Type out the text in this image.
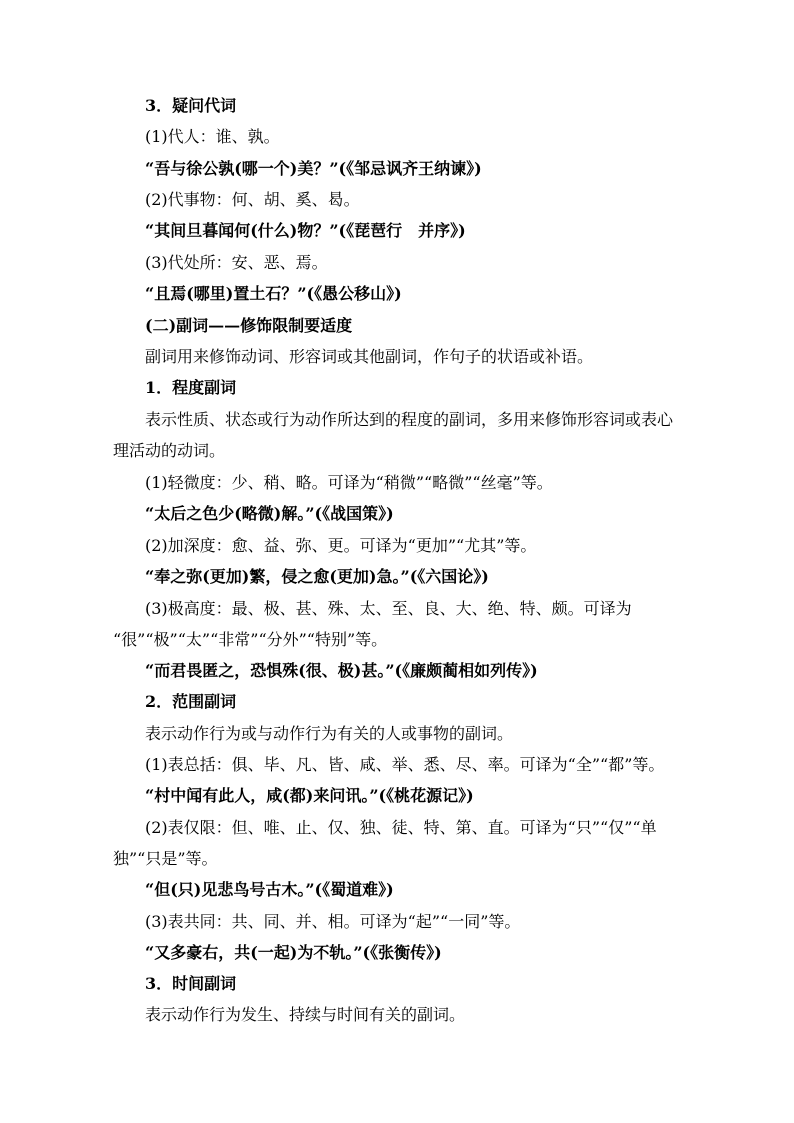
3．疑问代词
(1)代人：谁、孰。
“吾与徐公孰(哪一个)美？”(《邹忌讽齐王纳谏》)
(2)代事物：何、胡、奚、曷。
“其间旦暮闻何(什么)物？”(《琵琶行　并序》)
(3)代处所：安、恶、焉。
“且焉(哪里)置土石？”(《愚公移山》)
(二)副词——修饰限制要适度
副词用来修饰动词、形容词或其他副词，作句子的状语或补语。
1．程度副词
表示性质、状态或行为动作所达到的程度的副词，多用来修饰形容词或表心
理活动的动词。
(1)轻微度：少、稍、略。可译为“稍微”“略微”“丝毫”等。
“太后之色少(略微)解。”(《战国策》)
(2)加深度：愈、益、弥、更。可译为“更加”“尤其”等。
“奉之弥(更加)繁，侵之愈(更加)急。”(《六国论》)
(3)极高度：最、极、甚、殊、太、至、良、大、绝、特、颇。可译为
“很”“极”“太”“非常”“分外”“特别”等。
“而君畏匿之，恐惧殊(很、极)甚。”(《廉颇蔺相如列传》)
2．范围副词
表示动作行为或与动作行为有关的人或事物的副词。
(1)表总括：俱、毕、凡、皆、咸、举、悉、尽、率。可译为“全”“都”等。
“村中闻有此人，咸(都)来问讯。”(《桃花源记》)
(2)表仅限：但、唯、止、仅、独、徒、特、第、直。可译为“只”“仅”“单
独”“只是”等。
“但(只)见悲鸟号古木。”(《蜀道难》)
(3)表共同：共、同、并、相。可译为“起”“一同”等。
“又多豪右，共(一起)为不轨。”(《张衡传》)
3．时间副词
表示动作行为发生、持续与时间有关的副词。
